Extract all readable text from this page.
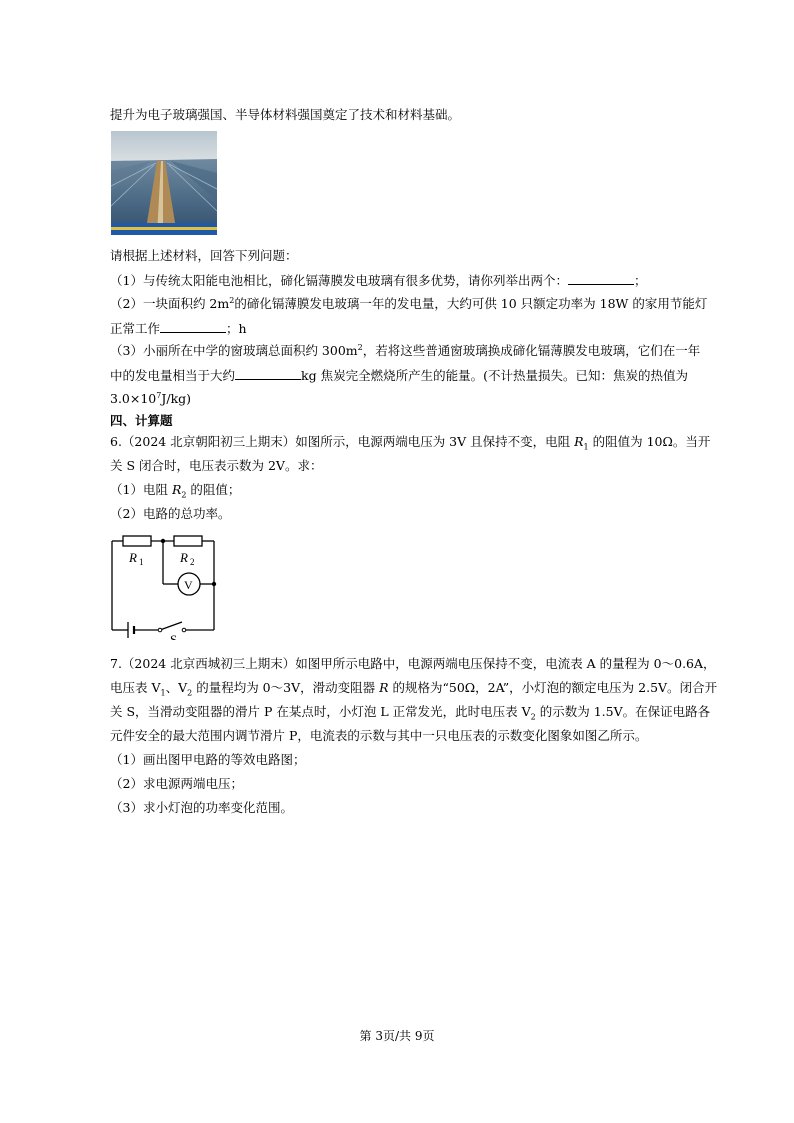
提升为电子玻璃强国、半导体材料强国奠定了技术和材料基础。
请根据上述材料，回答下列问题：
（1）与传统太阳能电池相比，碲化镉薄膜发电玻璃有很多优势，请你列举出两个：	；
（2）一块面积约 $2m^2$的碲化镉薄膜发电玻璃一年的发电量，大约可供 10 只额定功率为 18W 的家用节能灯
正常工作	；h
（3）小丽所在中学的窗玻璃总面积约 $300m^2$，若将这些普通窗玻璃换成碲化镉薄膜发电玻璃，它们在一年
中的发电量相当于大约	kg 焦炭完全燃烧所产生的能量。(不计热量损失。已知：焦炭的热值为
$3.0\times 10^7J/kg$)
四、计算题
6.（2024 北京朝阳初三上期末）如图所示，电源两端电压为 3V 且保持不变，电阻 $R_1$ 的阻值为 10Ω。当开
关 S 闭合时，电压表示数为 2V。求：
（1）电阻 $R_2$ 的阻值；
（2）电路的总功率。
R 1	R 2
V
S
7.（2024 北京西城初三上期末）如图甲所示电路中，电源两端电压保持不变，电流表 A 的量程为 0～0.6A，
电压表 $V_1$、$V_2$ 的量程均为 0～3V，滑动变阻器 R 的规格为“50Ω，2A”，小灯泡的额定电压为 2.5V。闭合开
关 S，当滑动变阻器的滑片 P 在某点时，小灯泡 L 正常发光，此时电压表 $V_2$ 的示数为 1.5V。在保证电路各
元件安全的最大范围内调节滑片 P，电流表的示数与其中一只电压表的示数变化图象如图乙所示。
（1）画出图甲电路的等效电路图；
（2）求电源两端电压；
（3）求小灯泡的功率变化范围。
第 3页/共 9页
